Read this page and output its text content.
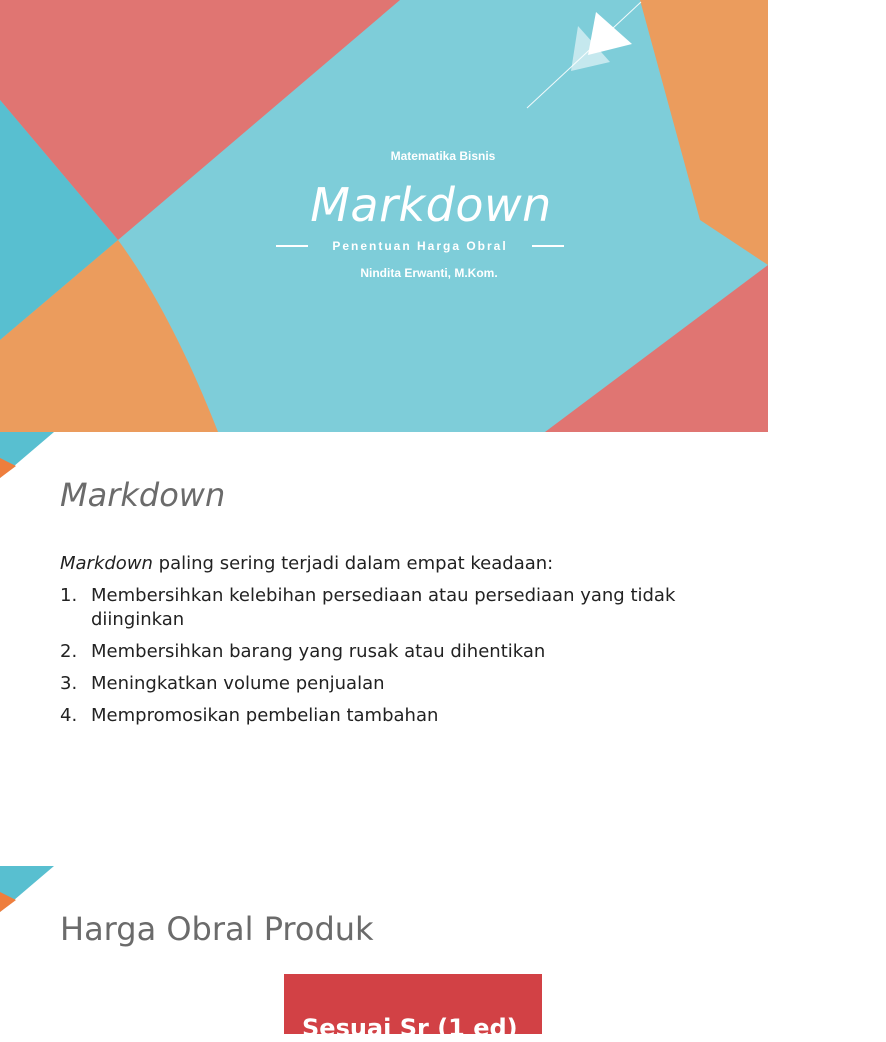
Matematika Bisnis
Markdown
Penentuan Harga Obral
Nindita Erwanti, M.Kom.
Markdown
Markdown paling sering terjadi dalam empat keadaan:
1. Membersihkan kelebihan persediaan atau persediaan yang tidak diinginkan
2. Membersihkan barang yang rusak atau dihentikan
3. Meningkatkan volume penjualan
4. Mempromosikan pembelian tambahan
Harga Obral Produk
Sesuai Sr (1 ed)
